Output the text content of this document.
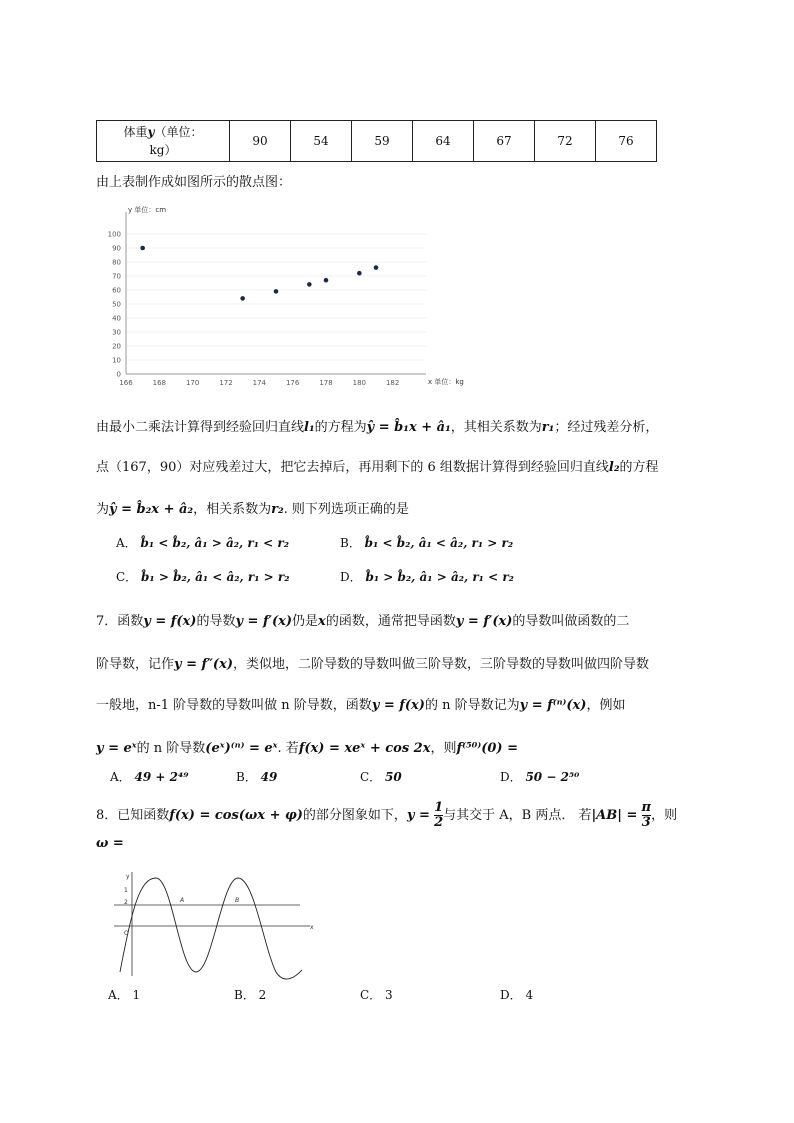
体重y（单位：
kg）	90	54	59	64	67	72	76
由上表制作成如图所示的散点图：
y 单位：cm
x 单位：kg
0
10
20
30
40
50
60
70
80
90
100
166	168	170	172	174	176	178	180	182
由最小二乘法计算得到经验回归直线l₁的方程为ŷ = b̂₁x + â₁，其相关系数为r₁；经过残差分析，
点（167，90）对应残差过大，把它去掉后，再用剩下的 6 组数据计算得到经验回归直线l₂的方程
为ŷ = b̂₂x + â₂，相关系数为r₂. 则下列选项正确的是
A． b̂₁ < b̂₂, â₁ > â₂, r₁ < r₂	B． b̂₁ < b̂₂, â₁ < â₂, r₁ > r₂
C． b̂₁ > b̂₂, â₁ < â₂, r₁ > r₂	D． b̂₁ > b̂₂, â₁ > â₂, r₁ < r₂
7．函数y = f(x)的导数y = f′(x)仍是x的函数，通常把导函数y = f′(x)的导数叫做函数的二
阶导数，记作y = f″(x)，类似地，二阶导数的导数叫做三阶导数，三阶导数的导数叫做四阶导数
一般地，n-1 阶导数的导数叫做 n 阶导数，函数y = f(x)的 n 阶导数记为y = f⁽ⁿ⁾(x)，例如
y = eˣ的 n 阶导数(eˣ)⁽ⁿ⁾ = eˣ. 若f(x) = xeˣ + cos 2x，则f⁽⁵⁰⁾(0) =
A． 49 + 2⁴⁹	B． 49	C． 50	D． 50 − 2⁵⁰
8．已知函数f(x) = cos(ωx + φ)的部分图象如下，$y = \frac{1}{2}$ 与其交于 A，B 两点． 若$|AB| = \frac{\pi}{3}$ ，则
ω =
y
x
O
1
2	A	B
A． 1	B． 2	C． 3	D． 4
